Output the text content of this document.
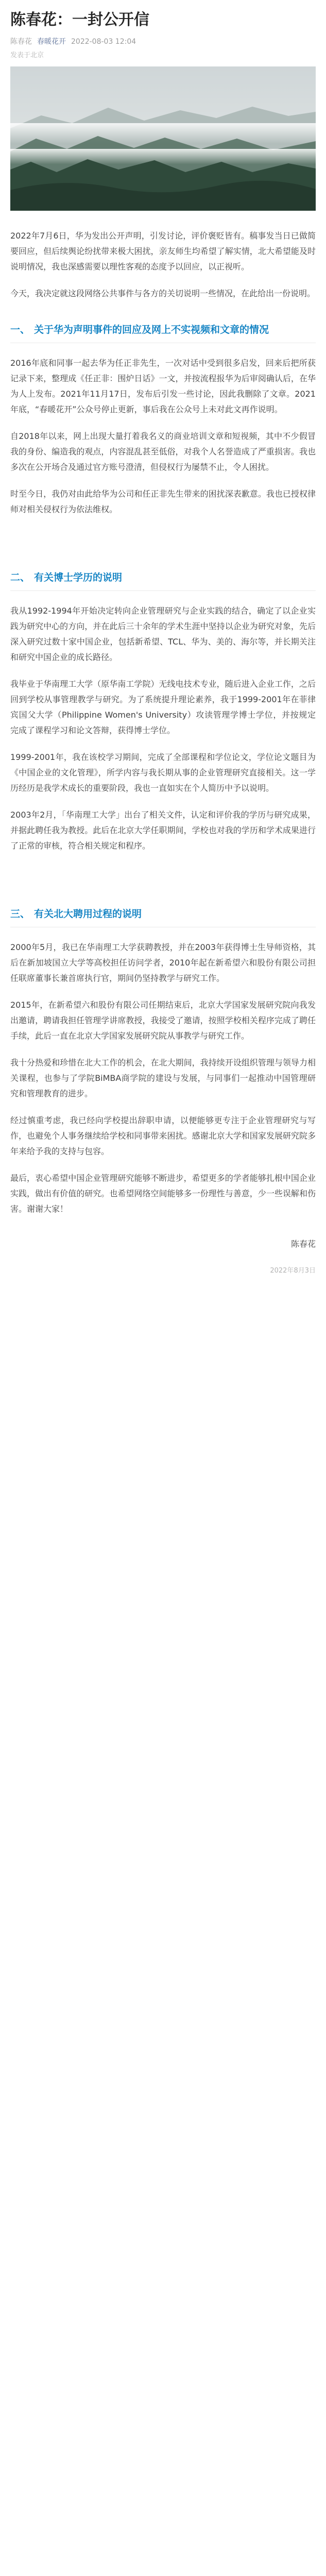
陈春花：一封公开信
陈春花 春暖花开 2022-08-03 12:04
发表于北京

2022年7月6日，华为发出公开声明，引发讨论，评价褒贬皆有。稿事发当日已做简要回应，但后续舆论纷扰带来极大困扰，亲友师生均希望了解实情，北大希望能及时说明情况，我也深感需要以理性客观的态度予以回应，以正视听。

今天，我决定就这段网络公共事件与各方的关切说明一些情况，在此给出一份说明。

一、 关于华为声明事件的回应及网上不实视频和文章的情况

2016年底和同事一起去华为任正非先生，一次对话中受到很多启发，回来后把所获记录下来，整理成《任正非：围炉日话》一文，并按流程报华为后审阅确认后，在华为人上发布。2021年11月17日，发布后引发一些讨论，因此我删除了文章。2021年底，“春暖花开”公众号停止更新，事后我在公众号上未对此文再作说明。

自2018年以来，网上出现大量打着我名义的商业培训文章和短视频，其中不少假冒我的身份、编造我的观点，内容混乱甚至低俗，对我个人名誉造成了严重损害。我也多次在公开场合及通过官方账号澄清，但侵权行为屡禁不止，令人困扰。

时至今日，我仍对由此给华为公司和任正非先生带来的困扰深表歉意。我也已授权律师对相关侵权行为依法维权。

二、 有关博士学历的说明

我从1992-1994年开始决定转向企业管理研究与企业实践的结合，确定了以企业实践为研究中心的方向，并在此后三十余年的学术生涯中坚持以企业为研究对象，先后深入研究过数十家中国企业，包括新希望、TCL、华为、美的、海尔等，并长期关注和研究中国企业的成长路径。

我毕业于华南理工大学（原华南工学院）无线电技术专业，随后进入企业工作，之后回到学校从事管理教学与研究。为了系统提升理论素养，我于1999-2001年在菲律宾国父大学（Philippine Women's University）攻读管理学博士学位，并按规定完成了课程学习和论文答辩，获得博士学位。

1999-2001年，我在该校学习期间，完成了全部课程和学位论文，学位论文题目为《中国企业的文化管理》，所学内容与我长期从事的企业管理研究直接相关。这一学历经历是我学术成长的重要阶段，我也一直如实在个人简历中予以说明。

2003年2月，「华南理工大学」出台了相关文件，认定和评价我的学历与研究成果，并据此聘任我为教授。此后在北京大学任职期间，学校也对我的学历和学术成果进行了正常的审核，符合相关规定和程序。

三、 有关北大聘用过程的说明

2000年5月，我已在华南理工大学获聘教授，并在2003年获得博士生导师资格，其后在新加坡国立大学等高校担任访问学者，2010年起在新希望六和股份有限公司担任联席董事长兼首席执行官，期间仍坚持教学与研究工作。

2015年，在新希望六和股份有限公司任期结束后，北京大学国家发展研究院向我发出邀请，聘请我担任管理学讲席教授，我接受了邀请，按照学校相关程序完成了聘任手续，此后一直在北京大学国家发展研究院从事教学与研究工作。

我十分热爱和珍惜在北大工作的机会，在北大期间，我持续开设组织管理与领导力相关课程，也参与了学院BiMBA商学院的建设与发展，与同事们一起推动中国管理研究和管理教育的进步。

经过慎重考虑，我已经向学校提出辞职申请，以便能够更专注于企业管理研究与写作，也避免个人事务继续给学校和同事带来困扰。感谢北京大学和国家发展研究院多年来给予我的支持与包容。

最后，衷心希望中国企业管理研究能够不断进步，希望更多的学者能够扎根中国企业实践，做出有价值的研究。也希望网络空间能够多一份理性与善意，少一些误解和伤害。谢谢大家！

陈春花
2022年8月3日
